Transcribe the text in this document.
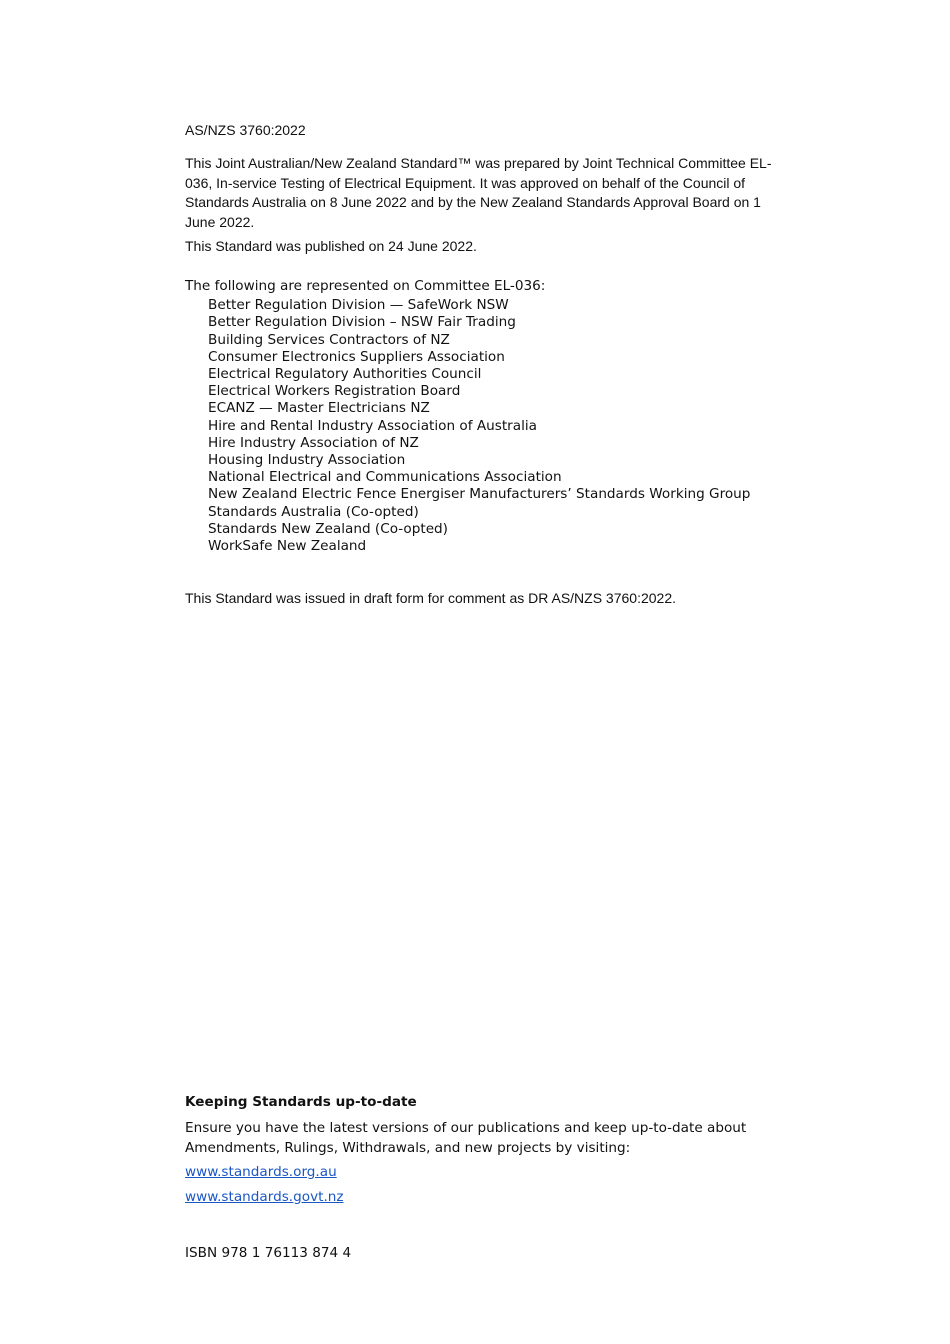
AS/NZS 3760:2022
This Joint Australian/New Zealand Standard™ was prepared by Joint Technical Committee EL-036, In-service Testing of Electrical Equipment. It was approved on behalf of the Council of Standards Australia on 8 June 2022 and by the New Zealand Standards Approval Board on 1 June 2022.
This Standard was published on 24 June 2022.
The following are represented on Committee EL-036:
Better Regulation Division — SafeWork NSW
Better Regulation Division – NSW Fair Trading
Building Services Contractors of NZ
Consumer Electronics Suppliers Association
Electrical Regulatory Authorities Council
Electrical Workers Registration Board
ECANZ — Master Electricians NZ
Hire and Rental Industry Association of Australia
Hire Industry Association of NZ
Housing Industry Association
National Electrical and Communications Association
New Zealand Electric Fence Energiser Manufacturers’ Standards Working Group
Standards Australia (Co-opted)
Standards New Zealand (Co-opted)
WorkSafe New Zealand
This Standard was issued in draft form for comment as DR AS/NZS 3760:2022.
Keeping Standards up-to-date
Ensure you have the latest versions of our publications and keep up-to-date about Amendments, Rulings, Withdrawals, and new projects by visiting:
www.standards.org.au
www.standards.govt.nz
ISBN 978 1 76113 874 4
